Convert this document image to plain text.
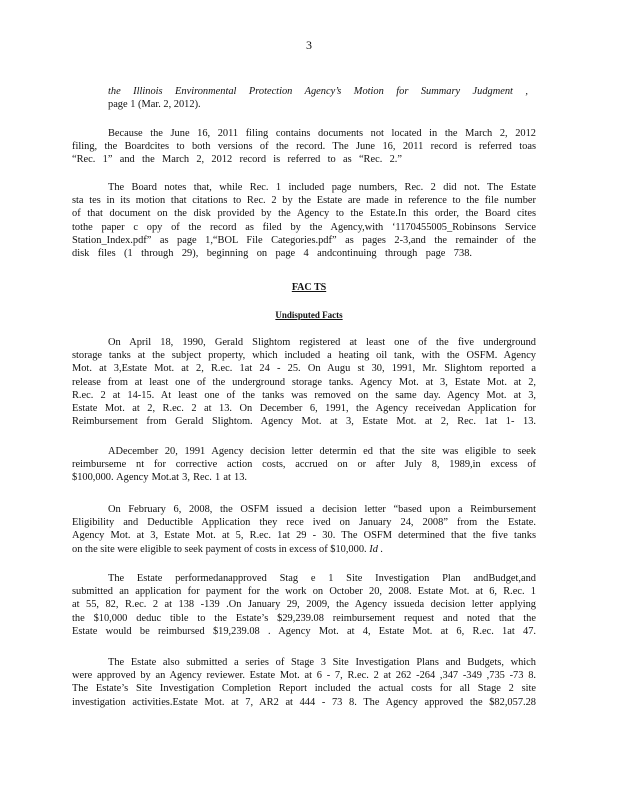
3
the Illinois Environmental Protection Agency’s Motion for Summary Judgment ,
page 1 (Mar. 2, 2012).
Because the June 16, 2011 filing contains documents not located in the March 2, 2012
filing, the Boardcites to both versions of the record. The June 16, 2011 record is referred toas
“Rec. 1” and the March 2, 2012 record is referred to as “Rec. 2.”
The Board notes that, while Rec. 1 included page numbers, Rec. 2 did not. The Estate
sta tes in its motion that citations to Rec. 2 by the Estate are made in reference to the file number
of that document on the disk provided by the Agency to the Estate.In this order, the Board cites
tothe paper c opy of the record as filed by the Agency,with ‘1170455005_Robinsons Service
Station_Index.pdf” as page 1,“BOL File Categories.pdf” as pages 2-3,and the remainder of the
disk files (1 through 29), beginning on page 4 andcontinuing through page 738.
FAC TS
Undisputed Facts
On April 18, 1990, Gerald Slightom registered at least one of the five underground
storage tanks at the subject property, which included a heating oil tank, with the OSFM. Agency
Mot. at 3,Estate Mot. at 2, R.ec. 1at 24 - 25. On Augu st 30, 1991, Mr. Slightom reported a
release from at least one of the underground storage tanks. Agency Mot. at 3, Estate Mot. at 2,
R.ec. 2 at 14-15. At least one of the tanks was removed on the same day. Agency Mot. at 3,
Estate Mot. at 2, R.ec. 2 at 13. On December 6, 1991, the Agency receivedan Application for
Reimbursement from Gerald Slightom. Agency Mot. at 3, Estate Mot. at 2, Rec. 1at 1- 13.
ADecember 20, 1991 Agency decision letter determin ed that the site was eligible to seek
reimburseme nt for corrective action costs, accrued on or after July 8, 1989,in excess of
$100,000. Agency Mot.at 3, Rec. 1 at 13.
On February 6, 2008, the OSFM issued a decision letter “based upon a Reimbursement
Eligibility and Deductible Application they rece ived on January 24, 2008” from the Estate.
Agency Mot. at 3, Estate Mot. at 5, R.ec. 1at 29 - 30. The OSFM determined that the five tanks
on the site were eligible to seek payment of costs in excess of $10,000. Id .
The Estate performedanapproved Stag e 1 Site Investigation Plan andBudget,and
submitted an application for payment for the work on October 20, 2008. Estate Mot. at 6, R.ec. 1
at 55, 82, R.ec. 2 at 138 -139 .On January 29, 2009, the Agency issueda decision letter applying
the $10,000 deduc tible to the Estate’s $29,239.08 reimbursement request and noted that the
Estate would be reimbursed $19,239.08 . Agency Mot. at 4, Estate Mot. at 6, R.ec. 1at 47.
The Estate also submitted a series of Stage 3 Site Investigation Plans and Budgets, which
were approved by an Agency reviewer. Estate Mot. at 6 - 7, R.ec. 2 at 262 -264 ,347 -349 ,735 -73 8.
The Estate’s Site Investigation Completion Report included the actual costs for all Stage 2 site
investigation activities.Estate Mot. at 7, AR2 at 444 - 73 8. The Agency approved the $82,057.28
